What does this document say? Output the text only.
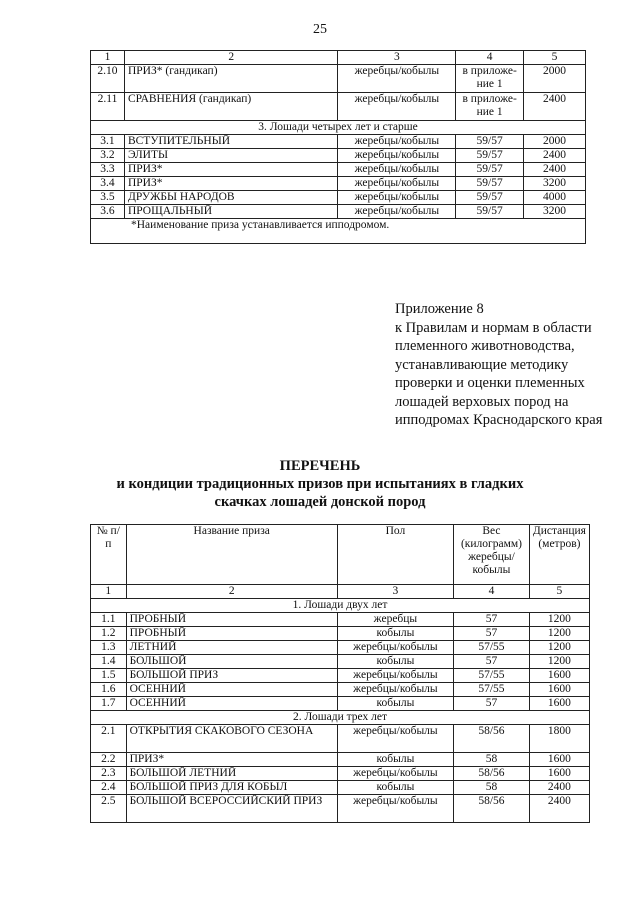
25
1	2	3	4	5
2.10	ПРИЗ* (гандикап)	жеребцы/кобылы	в приложе-ние 1	2000
2.11	СРАВНЕНИЯ (гандикап)	жеребцы/кобылы	в приложе-ние 1	2400
3. Лошади четырех лет и старше				
3.1	ВСТУПИТЕЛЬНЫЙ	жеребцы/кобылы	59/57	2000
3.2	ЭЛИТЫ	жеребцы/кобылы	59/57	2400
3.3	ПРИЗ*	жеребцы/кобылы	59/57	2400
3.4	ПРИЗ*	жеребцы/кобылы	59/57	3200
3.5	ДРУЖБЫ НАРОДОВ	жеребцы/кобылы	59/57	4000
3.6	ПРОЩАЛЬНЫЙ	жеребцы/кобылы	59/57	3200
*Наименование приза устанавливается ипподромом.				
Приложение 8
к Правилам и нормам в области
племенного животноводства,
устанавливающие методику
проверки и оценки племенных
лошадей верховых пород на
ипподромах Краснодарского края
ПЕРЕЧЕНЬ
и кондиции традиционных призов при испытаниях в гладких
скачках лошадей донской пород
№ п/п	Название приза	Пол	Вес (килограмм) жеребцы/ кобылы	Дистанция (метров)
1	2	3	4	5
1. Лошади двух лет				
1.1	ПРОБНЫЙ	жеребцы	57	1200
1.2	ПРОБНЫЙ	кобылы	57	1200
1.3	ЛЕТНИЙ	жеребцы/кобылы	57/55	1200
1.4	БОЛЬШОЙ	кобылы	57	1200
1.5	БОЛЬШОЙ ПРИЗ	жеребцы/кобылы	57/55	1600
1.6	ОСЕННИЙ	жеребцы/кобылы	57/55	1600
1.7	ОСЕННИЙ	кобылы	57	1600
2. Лошади трех лет				
2.1	ОТКРЫТИЯ СКАКОВОГО СЕЗОНА	жеребцы/кобылы	58/56	1800
2.2	ПРИЗ*	кобылы	58	1600
2.3	БОЛЬШОЙ ЛЕТНИЙ	жеребцы/кобылы	58/56	1600
2.4	БОЛЬШОЙ ПРИЗ ДЛЯ КОБЫЛ	кобылы	58	2400
2.5	БОЛЬШОЙ ВСЕРОССИЙСКИЙ ПРИЗ	жеребцы/кобылы	58/56	2400
